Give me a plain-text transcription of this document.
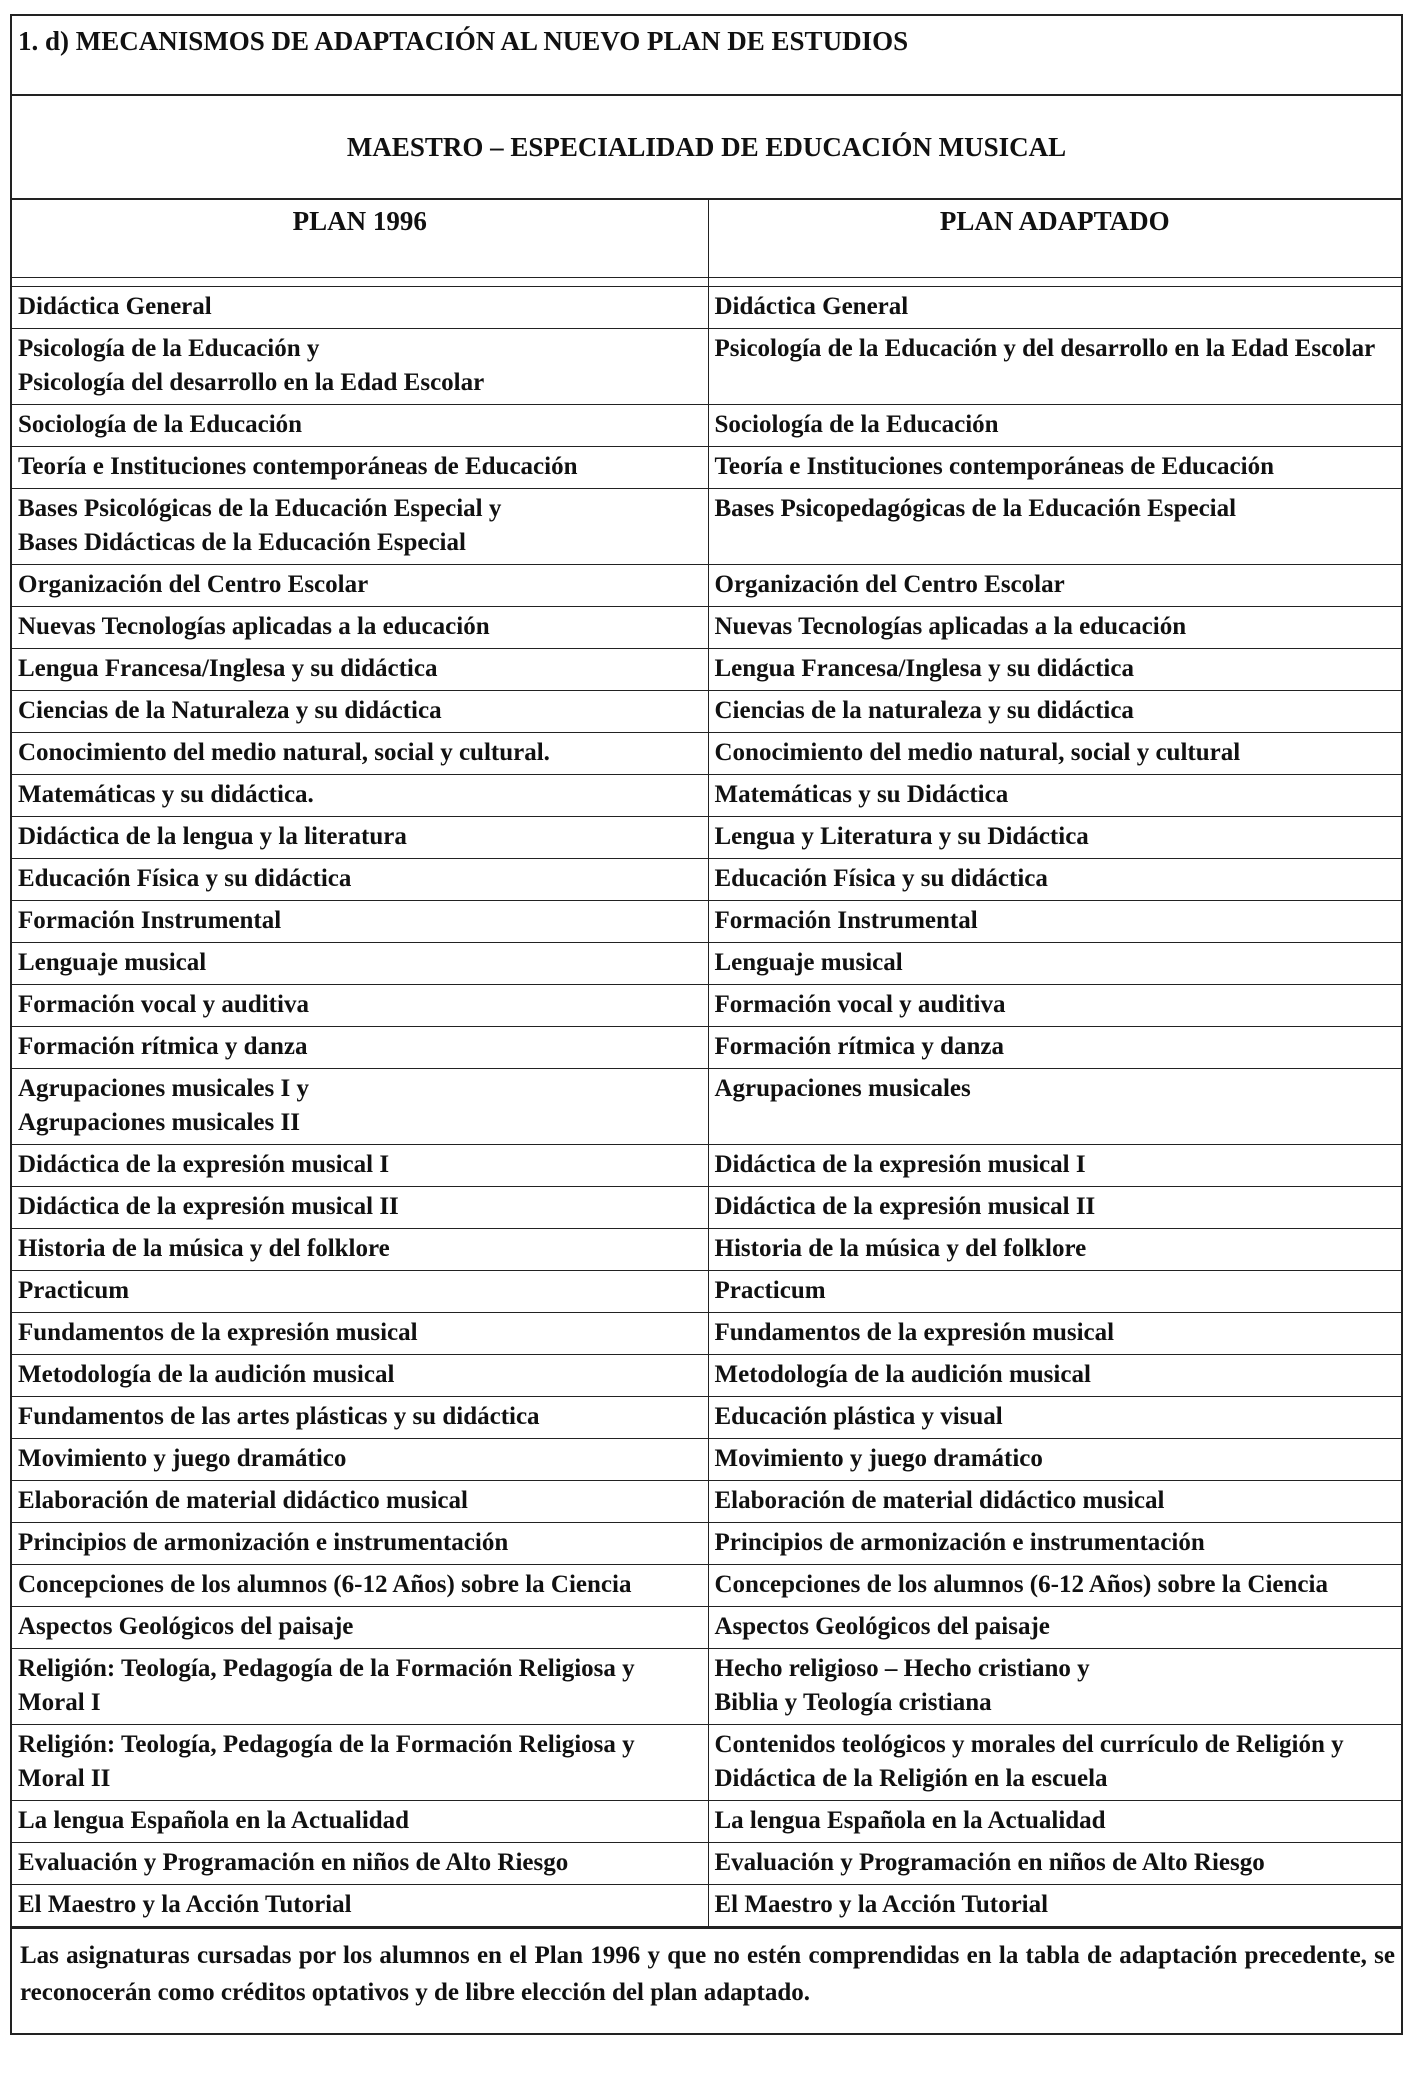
1. d) MECANISMOS DE ADAPTACIÓN AL NUEVO PLAN DE ESTUDIOS
MAESTRO – ESPECIALIDAD DE EDUCACIÓN MUSICAL
PLAN 1996	PLAN ADAPTADO

Didáctica General	Didáctica General
Psicología de la Educación y
Psicología del desarrollo en la Edad Escolar	Psicología de la Educación y del desarrollo en la Edad Escolar
Sociología de la Educación	Sociología de la Educación
Teoría e Instituciones contemporáneas de Educación	Teoría e Instituciones contemporáneas de Educación
Bases Psicológicas de la Educación Especial y
Bases Didácticas de la Educación Especial	Bases Psicopedagógicas de la Educación Especial
Organización del Centro Escolar	Organización del Centro Escolar
Nuevas Tecnologías aplicadas a la educación	Nuevas Tecnologías aplicadas a la educación
Lengua Francesa/Inglesa y su didáctica	Lengua Francesa/Inglesa y su didáctica
Ciencias de la Naturaleza y su didáctica	Ciencias de la naturaleza y su didáctica
Conocimiento del medio natural, social y cultural.	Conocimiento del medio natural, social y cultural
Matemáticas y su didáctica.	Matemáticas y su Didáctica
Didáctica de la lengua y la literatura	Lengua y Literatura y su Didáctica
Educación Física y su didáctica	Educación Física y su didáctica
Formación Instrumental	Formación Instrumental
Lenguaje musical	Lenguaje musical
Formación vocal y auditiva	Formación vocal y auditiva
Formación rítmica y danza	Formación rítmica y danza
Agrupaciones musicales I y
Agrupaciones musicales II	Agrupaciones musicales
Didáctica de la expresión musical I	Didáctica de la expresión musical I
Didáctica de la expresión musical II	Didáctica de la expresión musical II
Historia de la música y del folklore	Historia de la música y del folklore
Practicum	Practicum
Fundamentos de la expresión musical	Fundamentos de la expresión musical
Metodología de la audición musical	Metodología de la audición musical
Fundamentos de las artes plásticas y su didáctica	Educación plástica y visual
Movimiento y juego dramático	Movimiento y juego dramático
Elaboración de material didáctico musical	Elaboración de material didáctico musical
Principios de armonización e instrumentación	Principios de armonización e instrumentación
Concepciones de los alumnos (6-12 Años) sobre la Ciencia	Concepciones de los alumnos (6-12 Años) sobre la Ciencia
Aspectos Geológicos del paisaje	Aspectos Geológicos del paisaje
Religión: Teología, Pedagogía de la Formación Religiosa y Moral I	Hecho religioso – Hecho cristiano y
Biblia y Teología cristiana
Religión: Teología, Pedagogía de la Formación Religiosa y Moral II	Contenidos teológicos y morales del currículo de Religión y
Didáctica de la Religión en la escuela
La lengua Española en la Actualidad	La lengua Española en la Actualidad
Evaluación y Programación en niños de Alto Riesgo	Evaluación y Programación en niños de Alto Riesgo
El Maestro y la Acción Tutorial	El Maestro y la Acción Tutorial
Las asignaturas cursadas por los alumnos en el Plan 1996 y que no estén comprendidas en la tabla de adaptación precedente, se reconocerán como créditos optativos y de libre elección del plan adaptado.
